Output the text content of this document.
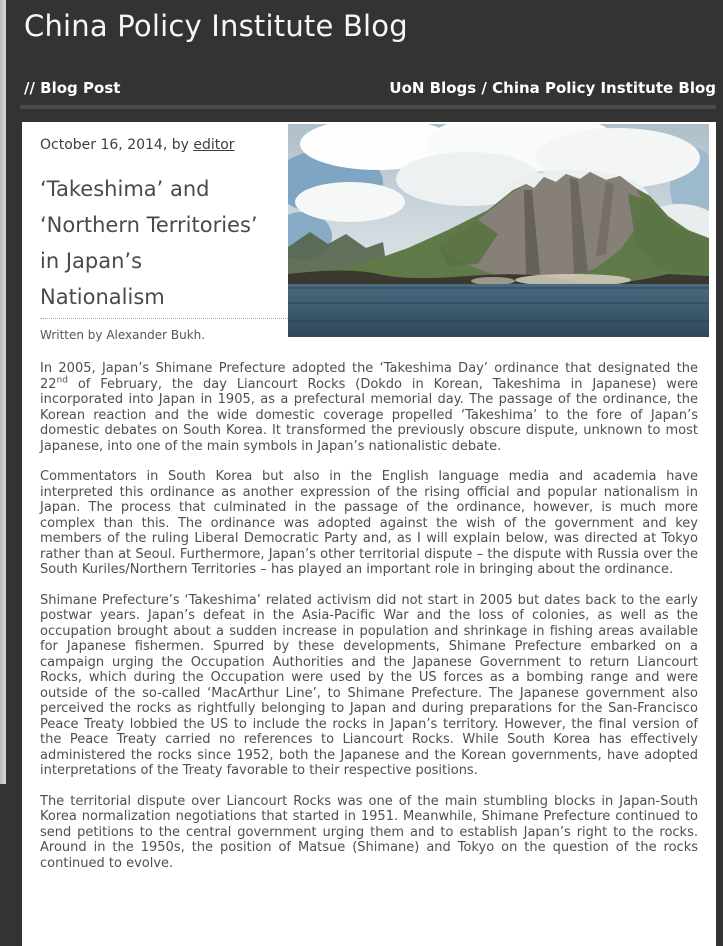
China Policy Institute Blog
// Blog Post	UoN Blogs / China Policy Institute Blog
October 16, 2014, by editor
‘Takeshima’ and
‘Northern Territories’
in Japan’s
Nationalism
Written by Alexander Bukh.

In 2005, Japan’s Shimane Prefecture adopted the ‘Takeshima Day’ ordinance that designated the 22nd of February, the day Liancourt Rocks (Dokdo in Korean, Takeshima in Japanese) were incorporated into Japan in 1905, as a prefectural memorial day. The passage of the ordinance, the Korean reaction and the wide domestic coverage propelled ‘Takeshima’ to the fore of Japan’s domestic debates on South Korea. It transformed the previously obscure dispute, unknown to most Japanese, into one of the main symbols in Japan’s nationalistic debate.

Commentators in South Korea but also in the English language media and academia have interpreted this ordinance as another expression of the rising official and popular nationalism in Japan. The process that culminated in the passage of the ordinance, however, is much more complex than this. The ordinance was adopted against the wish of the government and key members of the ruling Liberal Democratic Party and, as I will explain below, was directed at Tokyo rather than at Seoul. Furthermore, Japan’s other territorial dispute – the dispute with Russia over the South Kuriles/Northern Territories – has played an important role in bringing about the ordinance.

Shimane Prefecture’s ‘Takeshima’ related activism did not start in 2005 but dates back to the early postwar years. Japan’s defeat in the Asia-Pacific War and the loss of colonies, as well as the occupation brought about a sudden increase in population and shrinkage in fishing areas available for Japanese fishermen. Spurred by these developments, Shimane Prefecture embarked on a campaign urging the Occupation Authorities and the Japanese Government to return Liancourt Rocks, which during the Occupation were used by the US forces as a bombing range and were outside of the so-called ‘MacArthur Line’, to Shimane Prefecture. The Japanese government also perceived the rocks as rightfully belonging to Japan and during preparations for the San-Francisco Peace Treaty lobbied the US to include the rocks in Japan’s territory. However, the final version of the Peace Treaty carried no references to Liancourt Rocks. While South Korea has effectively administered the rocks since 1952, both the Japanese and the Korean governments, have adopted interpretations of the Treaty favorable to their respective positions.

The territorial dispute over Liancourt Rocks was one of the main stumbling blocks in Japan-South Korea normalization negotiations that started in 1951. Meanwhile, Shimane Prefecture continued to send petitions to the central government urging them and to establish Japan’s right to the rocks. Around in the 1950s, the position of Matsue (Shimane) and Tokyo on the question of the rocks continued to evolve.
